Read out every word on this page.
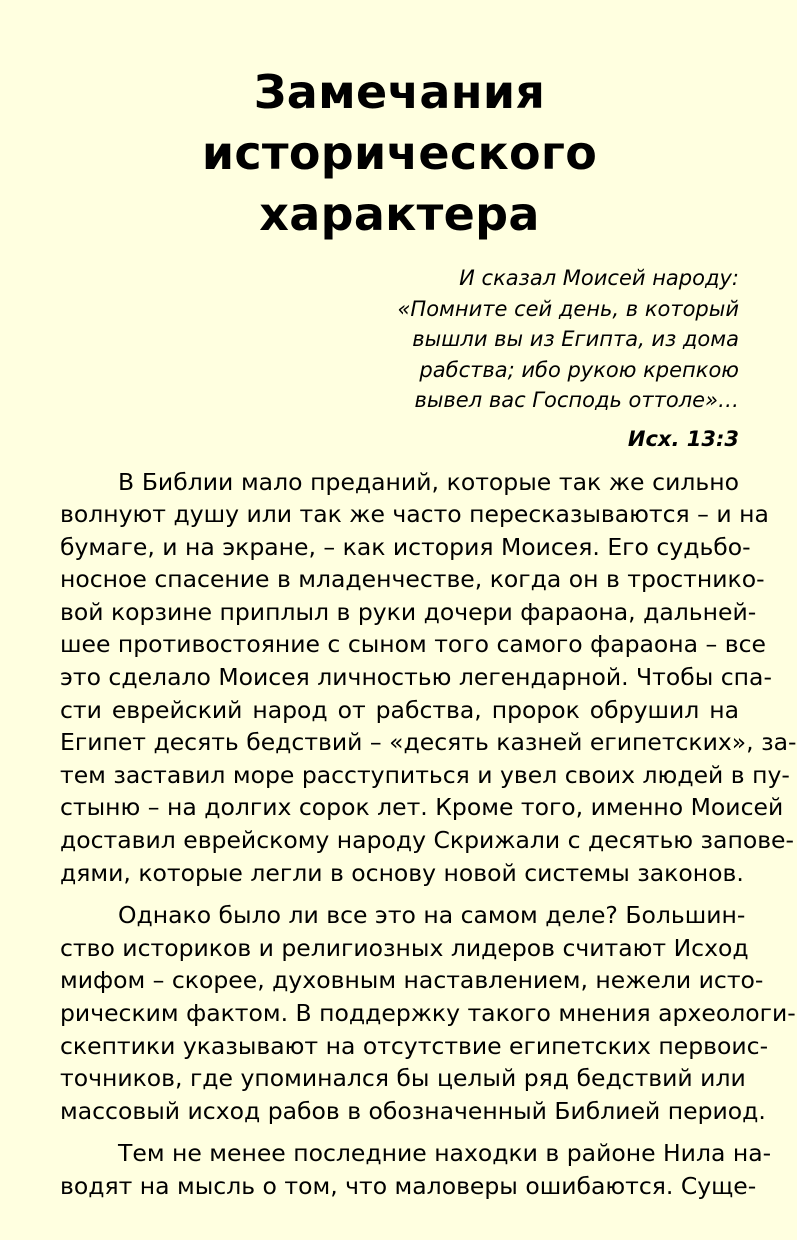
Замечания
исторического характера
И сказал Моисей народу:
«Помните сей день, в который
вышли вы из Египта, из дома
рабства; ибо рукою крепкою
вывел вас Господь оттоле»…
Исх. 13:3
В Библии мало преданий, которые так же сильно
волнуют душу или так же часто пересказываются – и на
бумаге, и на экране, – как история Моисея. Его судьбо-
носное спасение в младенчестве, когда он в тростнико-
вой корзине приплыл в руки дочери фараона, дальней-
шее противостояние с сыном того самого фараона – все
это сделало Моисея личностью легендарной. Чтобы спа-
сти еврейский народ от рабства, пророк обрушил на
Египет десять бедствий – «десять казней египетских», за-
тем заставил море расступиться и увел своих людей в пу-
стыню – на долгих сорок лет. Кроме того, именно Моисей
доставил еврейскому народу Скрижали с десятью запове-
дями, которые легли в основу новой системы законов.
Однако было ли все это на самом деле? Большин-
ство историков и религиозных лидеров считают Исход
мифом – скорее, духовным наставлением, нежели исто-
рическим фактом. В поддержку такого мнения археологи-
скептики указывают на отсутствие египетских первоис-
точников, где упоминался бы целый ряд бедствий или
массовый исход рабов в обозначенный Библией период.
Тем не менее последние находки в районе Нила на-
водят на мысль о том, что маловеры ошибаются. Суще-
